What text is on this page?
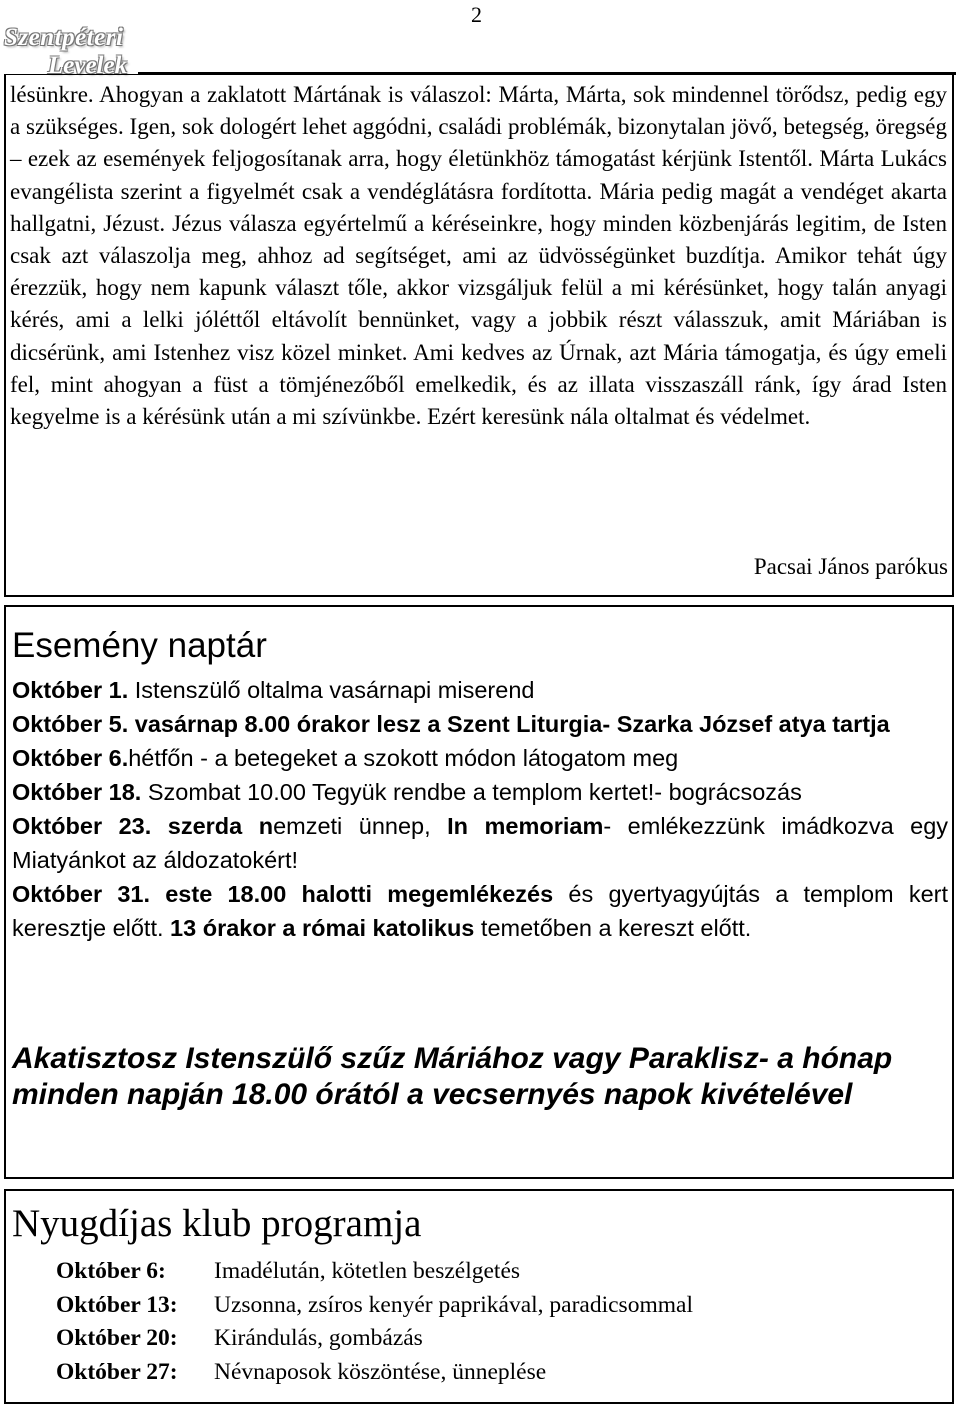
2
Szentpéteri
Levelek
lésünkre. Ahogyan a zaklatott Mártának is válaszol: Márta, Márta, sok mindennel törődsz, pedig egy a szükséges. Igen, sok dologért lehet aggódni, családi problémák, bizonytalan jövő, betegség, öregség – ezek az események feljogosítanak arra, hogy életünkhöz támogatást kérjünk Istentől. Márta Lukács evangélista szerint a figyelmét csak a vendéglátásra fordította. Mária pedig magát a vendéget akarta hallgatni, Jézust. Jézus válasza egyértelmű a kéréseinkre, hogy minden közbenjárás legitim, de Isten csak azt válaszolja meg, ahhoz ad segítséget, ami az üdvösségünket buzdítja. Amikor tehát úgy érezzük, hogy nem kapunk választ tőle, akkor vizsgáljuk felül a mi kérésünket, hogy talán anyagi kérés, ami a lelki jóléttől eltávolít bennünket, vagy a jobbik részt válasszuk, amit Máriában is dicsérünk, ami Istenhez visz közel minket. Ami kedves az Úrnak, azt Mária támogatja, és úgy emeli fel, mint ahogyan a füst a tömjénezőből emelkedik, és az illata visszaszáll ránk, így árad Isten kegyelme is a kérésünk után a mi szívünkbe. Ezért keresünk nála oltalmat és védelmet.
Pacsai János parókus
Esemény naptár

Október 1. Istenszülő oltalma vasárnapi miserend

Október 5. vasárnap 8.00 órakor lesz a Szent Liturgia- Szarka József atya tartja

Október 6.hétfőn - a betegeket a szokott módon látogatom meg

Október 18. Szombat 10.00 Tegyük rendbe a templom kertet!- bográcsozás

Október 23. szerda nemzeti ünnep, In memoriam- emlékezzünk imádkozva egy Miatyánkot az áldozatokért!

Október 31. este 18.00 halotti megemlékezés és gyertyagyújtás a templom kert keresztje előtt. 13 órakor a római katolikus temetőben a kereszt előtt.

Akatisztosz Istenszülő szűz Máriához vagy Paraklisz- a hónap minden napján 18.00 órától a vecsernyés napok kivételével
Nyugdíjas klub programja
Október 6:	Imadélután, kötetlen beszélgetés
Október 13:	Uzsonna, zsíros kenyér paprikával, paradicsommal
Október 20:	Kirándulás, gombázás
Október 27:	Névnaposok köszöntése, ünneplése
